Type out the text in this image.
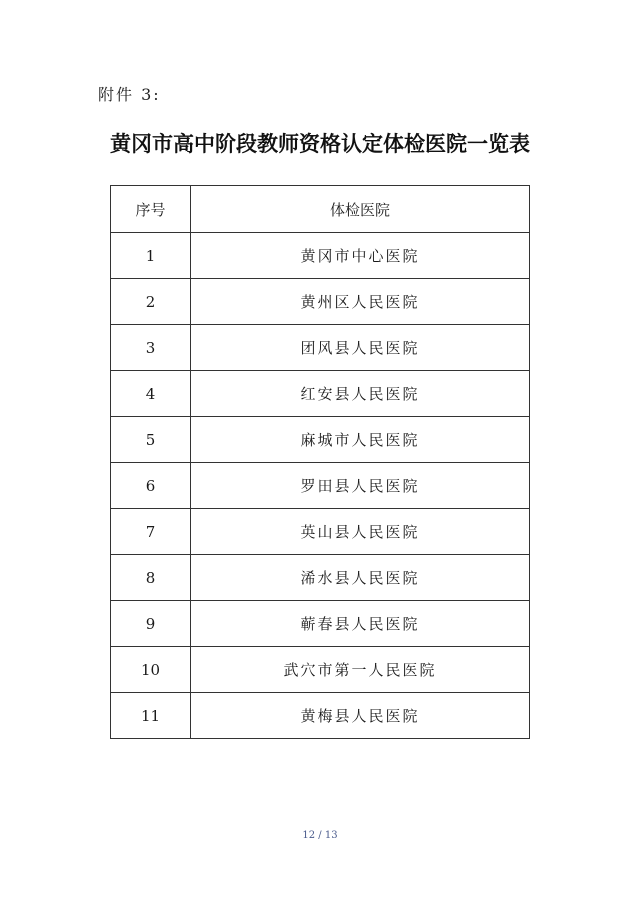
附件 3:
黄冈市高中阶段教师资格认定体检医院一览表
序号	体检医院
1	黄冈市中心医院
2	黄州区人民医院
3	团风县人民医院
4	红安县人民医院
5	麻城市人民医院
6	罗田县人民医院
7	英山县人民医院
8	浠水县人民医院
9	蕲春县人民医院
10	武穴市第一人民医院
11	黄梅县人民医院
12 / 13
